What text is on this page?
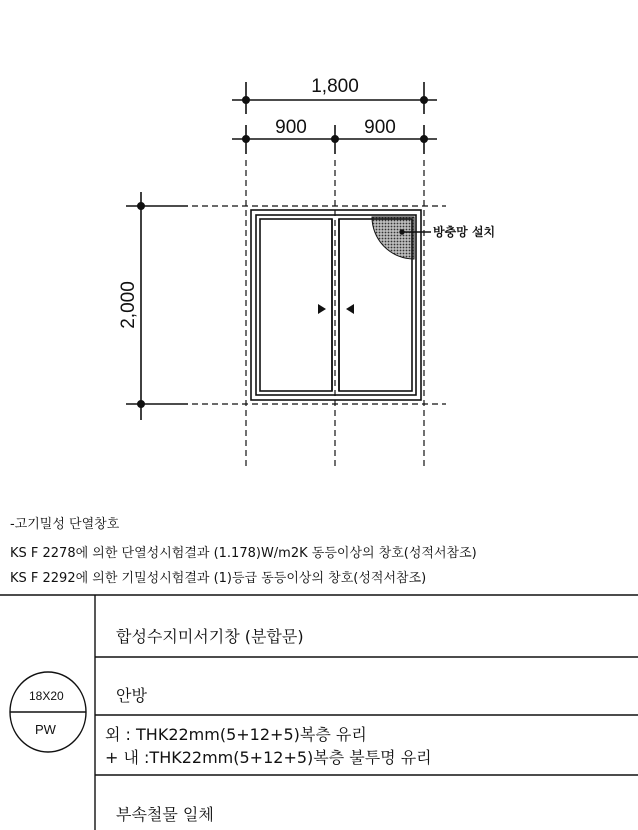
1,800
900	900
2,000
방충망 설치
-고기밀성 단열창호
KS F 2278에 의한 단열성시험결과 (1.178)W/m2K 동등이상의 창호(성적서참조)
KS F 2292에 의한 기밀성시험결과 (1)등급 동등이상의 창호(성적서참조)
18X20
PW
합성수지미서기창 (분합문)
안방
외 : THK22mm(5+12+5)복층 유리
+ 내 :THK22mm(5+12+5)복층 불투명 유리
부속철물 일체
